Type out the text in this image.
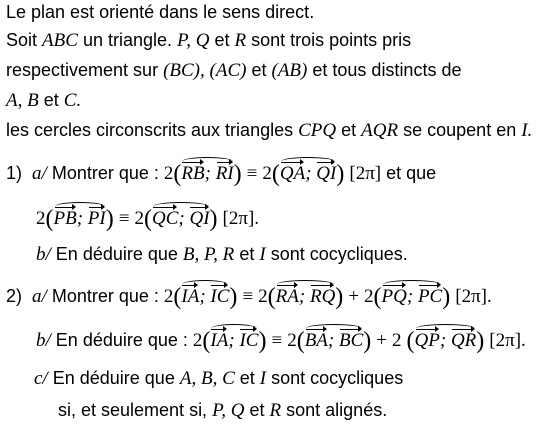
Le plan est orienté dans le sens direct.
Soit ABC un triangle. P, Q et R sont trois points pris
respectivement sur (BC), (AC) et (AB) et tous distincts de
A, B et C.
les cercles circonscrits aux triangles CPQ et AQR se coupent en I.
1) a/ Montrer que : 2(RB; RI) ≡ 2(QA; QI) [2π] et que
2(PB; PI) ≡ 2(QC; QI) [2π].
b/ En déduire que B, P, R et I sont cocycliques.
2) a/ Montrer que : 2(IA; IC) ≡ 2(RA; RQ) + 2(PQ; PC) [2π].
b/ En déduire que : 2(IA; IC) ≡ 2(BA; BC) + 2 (QP; QR) [2π].
c/ En déduire que A, B, C et I sont cocycliques
si, et seulement si, P, Q et R sont alignés.
